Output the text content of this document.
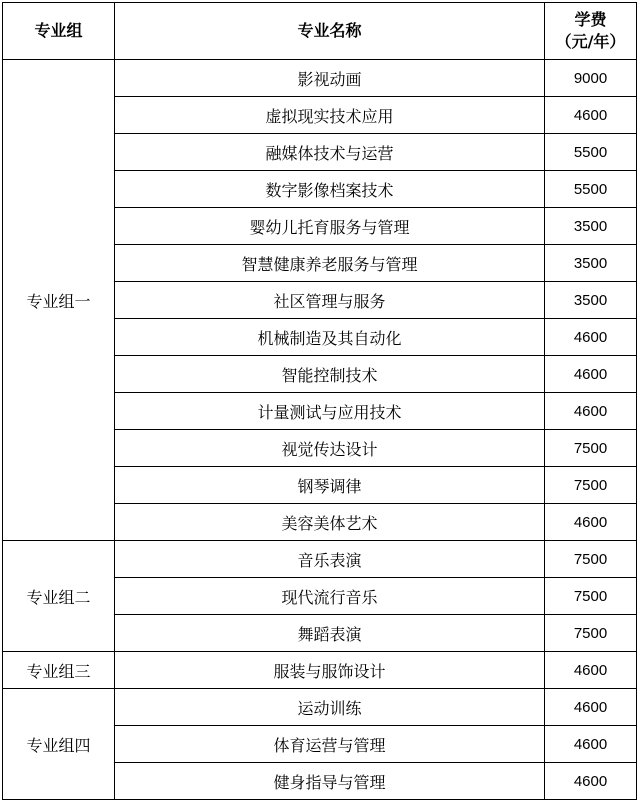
专业组	专业名称	学费
（元/年）

专业组一	影视动画	9000
	虚拟现实技术应用	4600
	融媒体技术与运营	5500
	数字影像档案技术	5500
	婴幼儿托育服务与管理	3500
	智慧健康养老服务与管理	3500
	社区管理与服务	3500
	机械制造及其自动化	4600
	智能控制技术	4600
	计量测试与应用技术	4600
	视觉传达设计	7500
	钢琴调律	7500
	美容美体艺术	4600
专业组二	音乐表演	7500
	现代流行音乐	7500
	舞蹈表演	7500
专业组三	服装与服饰设计	4600
专业组四	运动训练	4600
	体育运营与管理	4600
	健身指导与管理	4600
